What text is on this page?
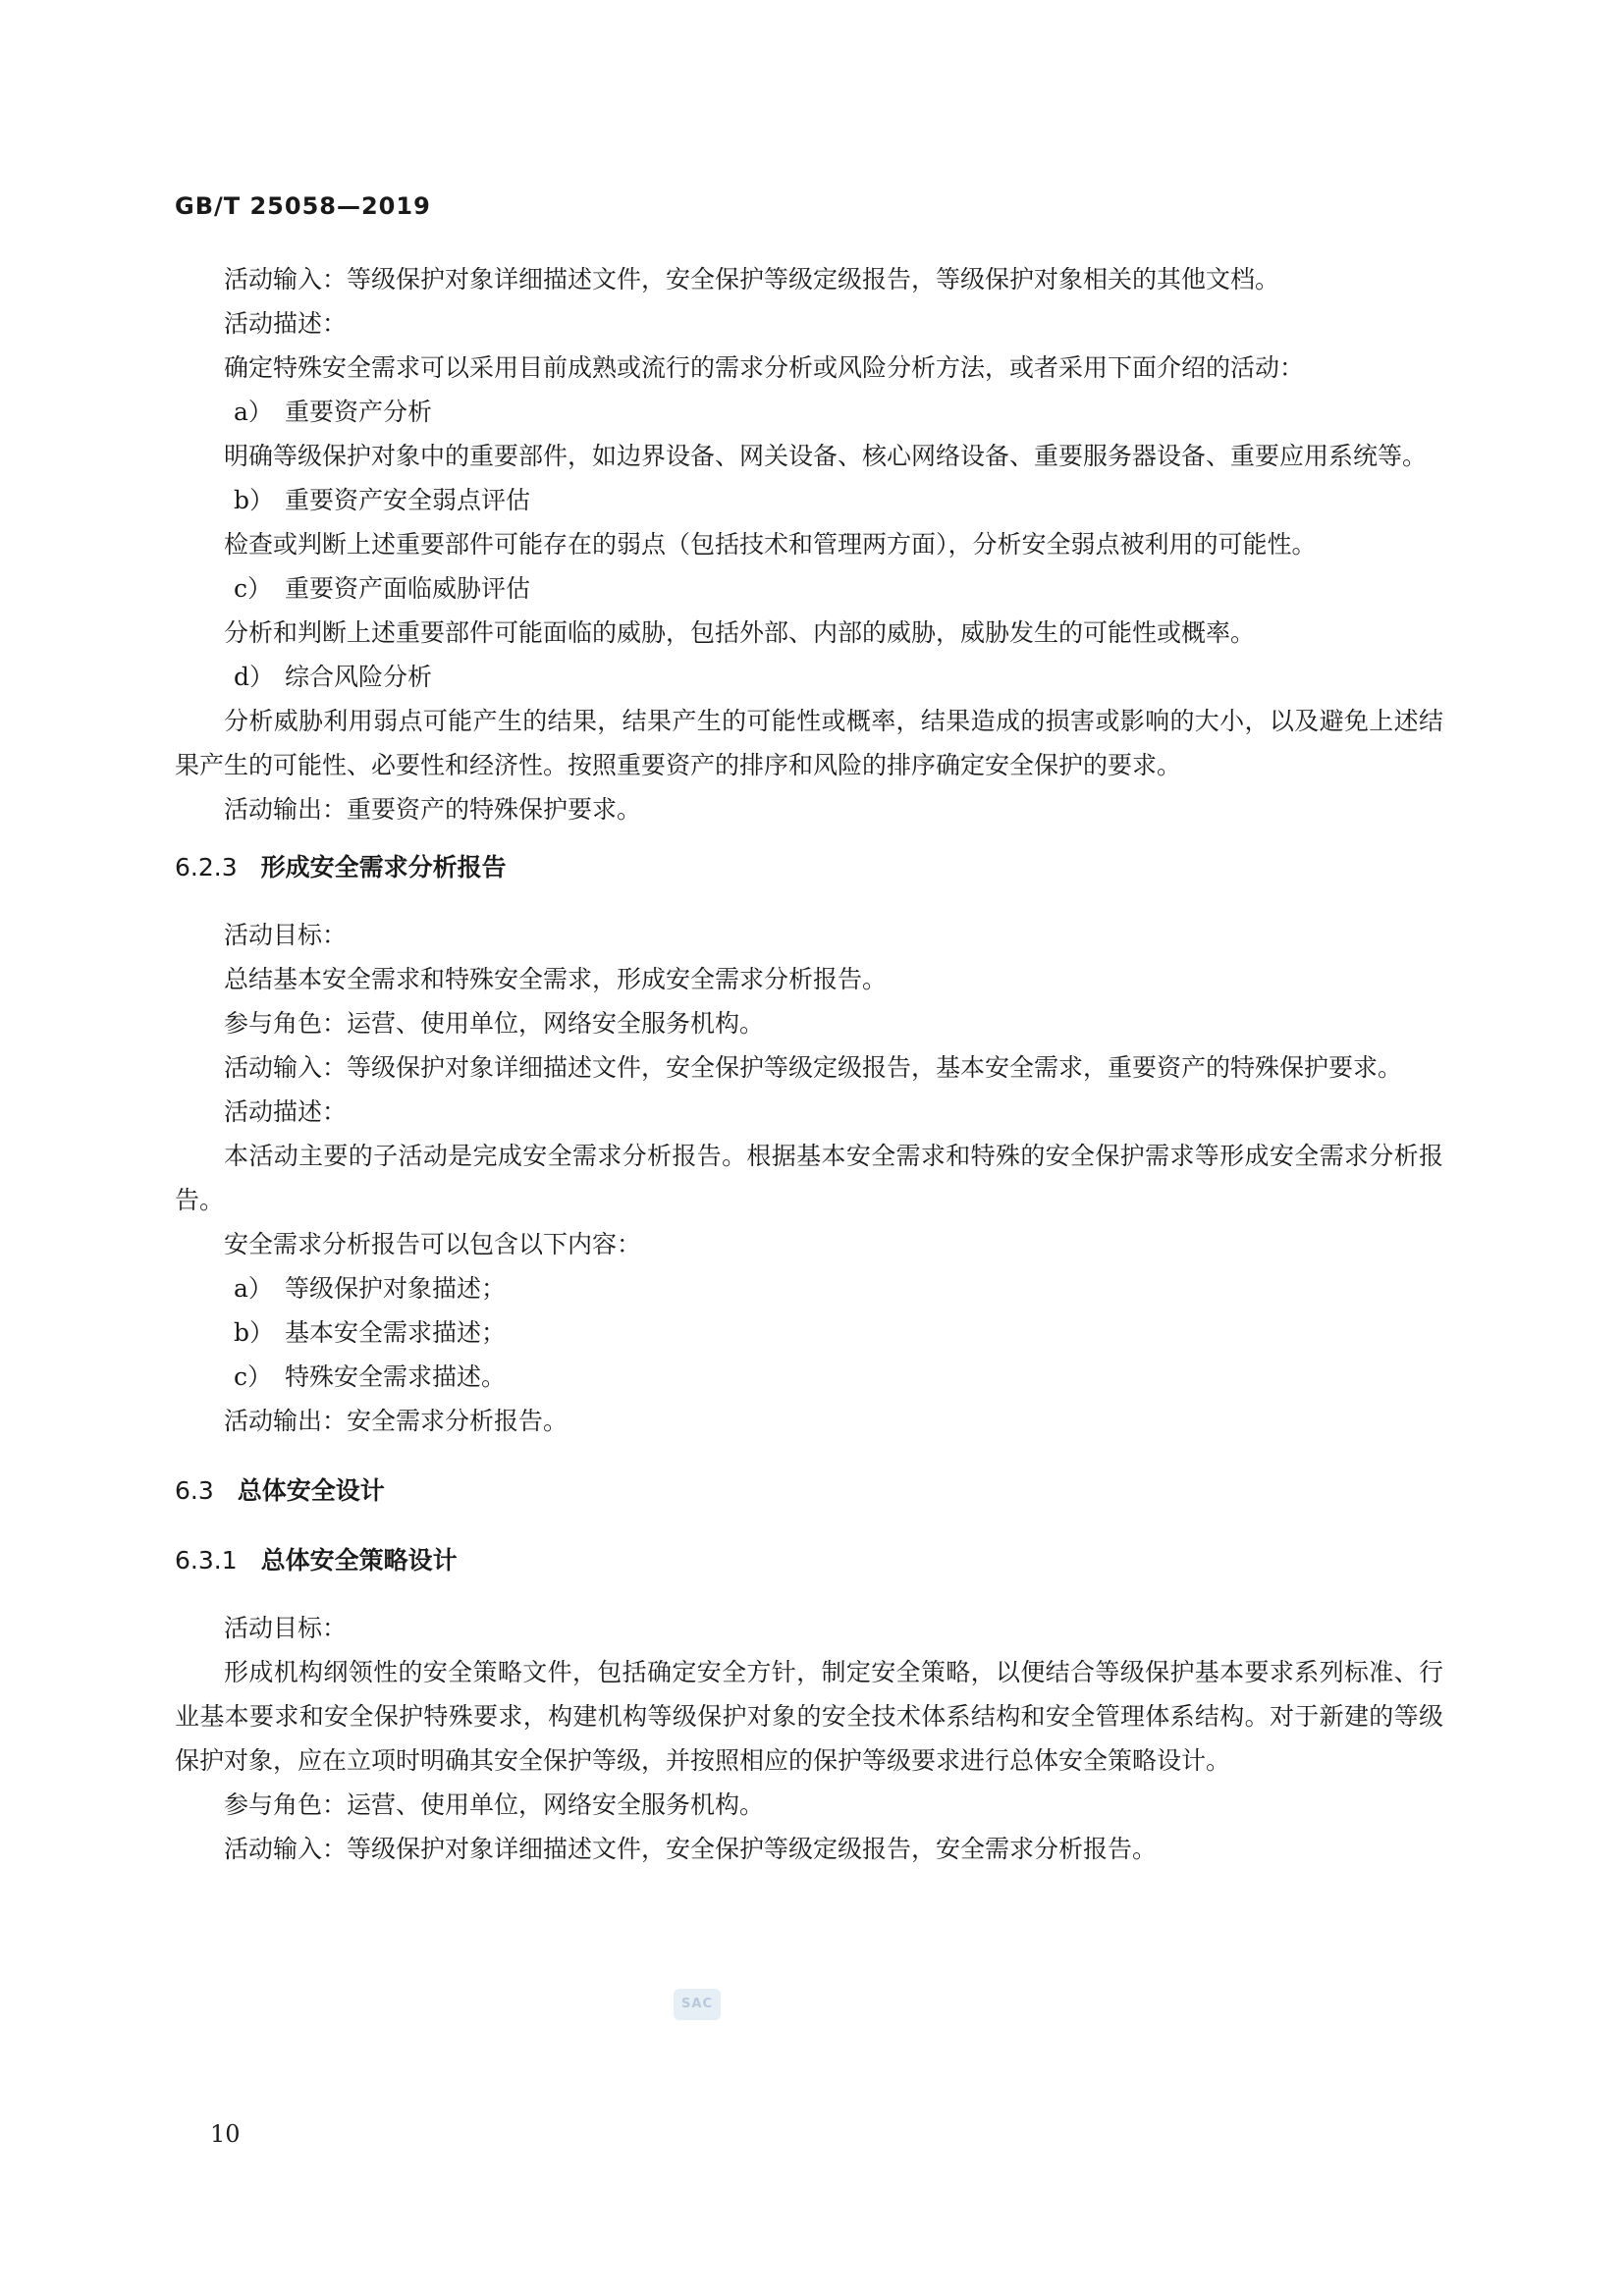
GB/T 25058—2019

活动输入：等级保护对象详细描述文件，安全保护等级定级报告，等级保护对象相关的其他文档。

活动描述：

确定特殊安全需求可以采用目前成熟或流行的需求分析或风险分析方法，或者采用下面介绍的活动：

a） 重要资产分析

明确等级保护对象中的重要部件，如边界设备、网关设备、核心网络设备、重要服务器设备、重要应用系统等。

b） 重要资产安全弱点评估

检查或判断上述重要部件可能存在的弱点（包括技术和管理两方面），分析安全弱点被利用的可能性。

c） 重要资产面临威胁评估

分析和判断上述重要部件可能面临的威胁，包括外部、内部的威胁，威胁发生的可能性或概率。

d） 综合风险分析

分析威胁利用弱点可能产生的结果，结果产生的可能性或概率，结果造成的损害或影响的大小，以及避免上述结果产生的可能性、必要性和经济性。按照重要资产的排序和风险的排序确定安全保护的要求。

活动输出：重要资产的特殊保护要求。

6.2.3 形成安全需求分析报告

活动目标：

总结基本安全需求和特殊安全需求，形成安全需求分析报告。

参与角色：运营、使用单位，网络安全服务机构。

活动输入：等级保护对象详细描述文件，安全保护等级定级报告，基本安全需求，重要资产的特殊保护要求。

活动描述：

本活动主要的子活动是完成安全需求分析报告。根据基本安全需求和特殊的安全保护需求等形成安全需求分析报告。

安全需求分析报告可以包含以下内容：

a） 等级保护对象描述；

b） 基本安全需求描述；

c） 特殊安全需求描述。

活动输出：安全需求分析报告。

6.3 总体安全设计
6.3.1 总体安全策略设计

活动目标：

形成机构纲领性的安全策略文件，包括确定安全方针，制定安全策略，以便结合等级保护基本要求系列标准、行业基本要求和安全保护特殊要求，构建机构等级保护对象的安全技术体系结构和安全管理体系结构。对于新建的等级保护对象，应在立项时明确其安全保护等级，并按照相应的保护等级要求进行总体安全策略设计。

参与角色：运营、使用单位，网络安全服务机构。

活动输入：等级保护对象详细描述文件，安全保护等级定级报告，安全需求分析报告。

SAC
10
